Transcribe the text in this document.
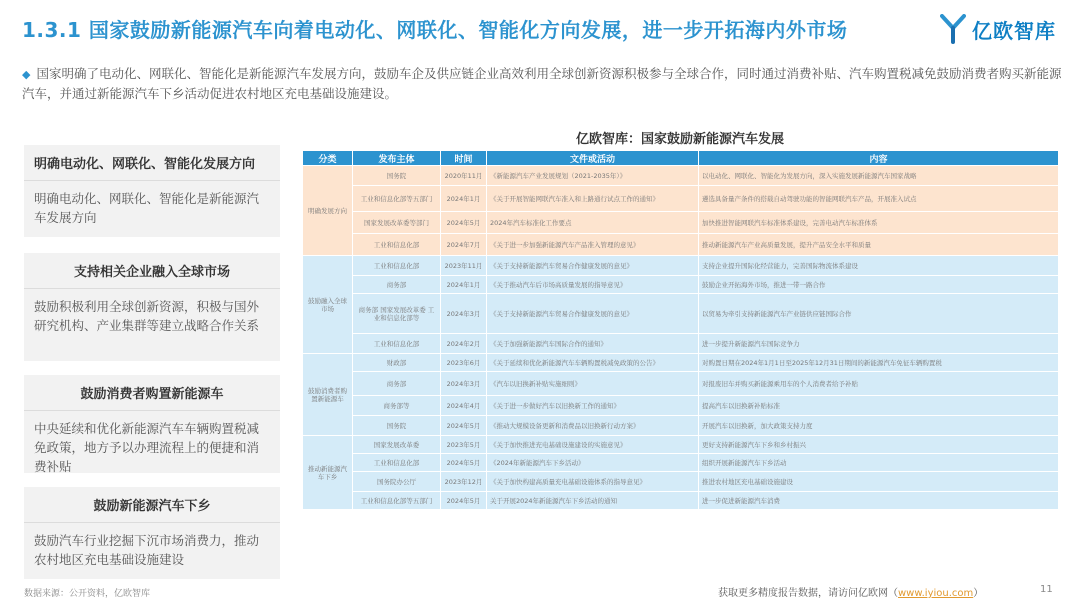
1.3.1 国家鼓励新能源汽车向着电动化、网联化、智能化方向发展，进一步开拓海内外市场	亿欧智库
◆ 国家明确了电动化、网联化、智能化是新能源汽车发展方向，鼓励车企及供应链企业高效利用全球创新资源积极参与全球合作，同时通过消费补贴、汽车购置税减免鼓励消费者购买新能源汽车，并通过新能源汽车下乡活动促进农村地区充电基础设施建设。
明确电动化、网联化、智能化发展方向
明确电动化、网联化、智能化是新能源汽车发展方向
支持相关企业融入全球市场
鼓励积极利用全球创新资源，积极与国外研究机构、产业集群等建立战略合作关系
鼓励消费者购置新能源车
中央延续和优化新能源汽车车辆购置税减免政策，地方予以办理流程上的便捷和消费补贴
鼓励新能源汽车下乡
鼓励汽车行业挖掘下沉市场消费力，推动农村地区充电基础设施建设
亿欧智库：国家鼓励新能源汽车发展
分类	发布主体	时间	文件或活动	内容
明确发展方向	国务院	2020年11月	《新能源汽车产业发展规划（2021-2035年）》	以电动化、网联化、智能化为发展方向，深入实施发展新能源汽车国家战略
	工业和信息化部等五部门	2024年1月	《关于开展智能网联汽车准入和上路通行试点工作的通知》	遴选具备量产条件的搭载自动驾驶功能的智能网联汽车产品，开展准入试点
	国家发展改革委等部门	2024年5月	2024年汽车标准化工作要点	加快推进智能网联汽车标准体系建设，完善电动汽车标准体系
	工业和信息化部	2024年7月	《关于进一步加强新能源汽车产品准入管理的意见》	推动新能源汽车产业高质量发展，提升产品安全水平和质量
鼓励融入全球市场	工业和信息化部	2023年11月	《关于支持新能源汽车贸易合作健康发展的意见》	支持企业提升国际化经营能力，完善国际物流体系建设
	商务部	2024年1月	《关于推动汽车后市场高质量发展的指导意见》	鼓励企业开拓海外市场，推进一带一路合作
	商务部 国家发展改革委 工业和信息化部等	2024年3月	《关于支持新能源汽车贸易合作健康发展的意见》	以贸易为牵引支持新能源汽车产业链供应链国际合作
	工业和信息化部	2024年2月	《关于加强新能源汽车国际合作的通知》	进一步提升新能源汽车国际竞争力
鼓励消费者购置新能源车	财政部	2023年6月	《关于延续和优化新能源汽车车辆购置税减免政策的公告》	对购置日期在2024年1月1日至2025年12月31日期间的新能源汽车免征车辆购置税
	商务部	2024年3月	《汽车以旧换新补贴实施细则》	对报废旧车并购买新能源乘用车的个人消费者给予补贴
	商务部等	2024年4月	《关于进一步做好汽车以旧换新工作的通知》	提高汽车以旧换新补贴标准
	国务院	2024年5月	《推动大规模设备更新和消费品以旧换新行动方案》	开展汽车以旧换新，加大政策支持力度
推动新能源汽车下乡	国家发展改革委	2023年5月	《关于加快推进充电基础设施建设的实施意见》	更好支持新能源汽车下乡和乡村振兴
	工业和信息化部	2024年5月	《2024年新能源汽车下乡活动》	组织开展新能源汽车下乡活动
	国务院办公厅	2023年12月	《关于加快构建高质量充电基础设施体系的指导意见》	推进农村地区充电基础设施建设
	工业和信息化部等五部门	2024年5月	关于开展2024年新能源汽车下乡活动的通知	进一步促进新能源汽车消费
数据来源：公开资料，亿欧智库	获取更多精度报告数据，请访问亿欧网（www.iyiou.com）	11
